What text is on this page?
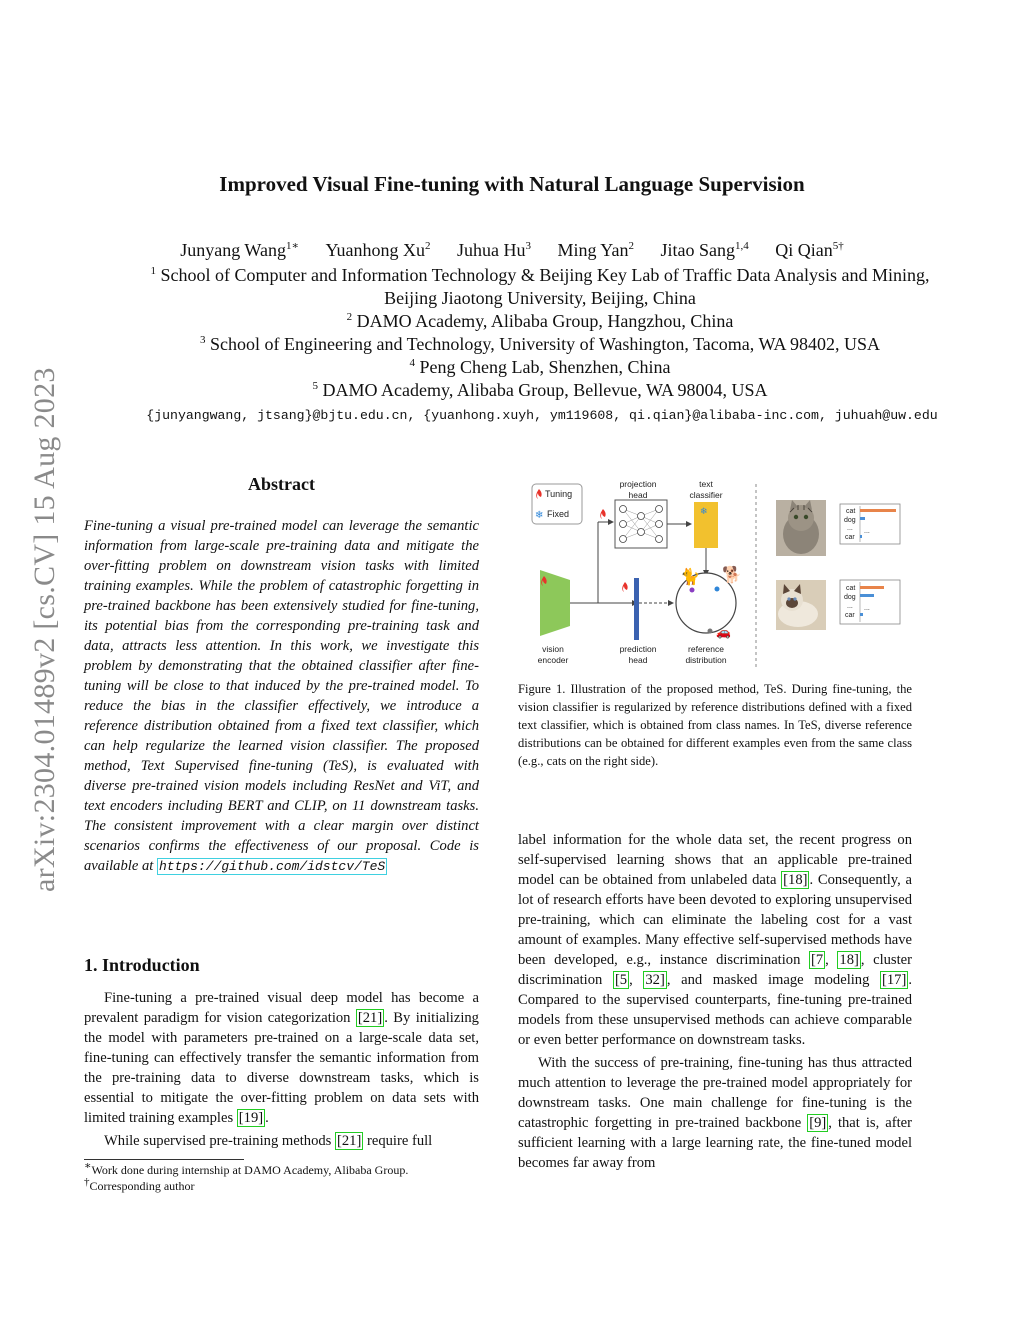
arXiv:2304.01489v2 [cs.CV] 15 Aug 2023
Improved Visual Fine-tuning with Natural Language Supervision
Junyang Wang$^{1∗}$ Yuanhong Xu$^2$ Juhua Hu$^3$ Ming Yan$^2$ Jitao Sang$^{1,4}$ Qi Qian$^{5\dagger}$
$^1$ School of Computer and Information Technology & Beijing Key Lab of Traffic Data Analysis and Mining,
Beijing Jiaotong University, Beijing, China
$^2$ DAMO Academy, Alibaba Group, Hangzhou, China
$^3$ School of Engineering and Technology, University of Washington, Tacoma, WA 98402, USA
$^4$ Peng Cheng Lab, Shenzhen, China
$^5$ DAMO Academy, Alibaba Group, Bellevue, WA 98004, USA
{junyangwang, jtsang}@bjtu.edu.cn, {yuanhong.xuyh, ym119608, qi.qian}@alibaba-inc.com, juhuah@uw.edu
Abstract
Fine-tuning a visual pre-trained model can leverage the semantic information from large-scale pre-training data and mitigate the over-fitting problem on downstream vision tasks with limited training examples. While the problem of catastrophic forgetting in pre-trained backbone has been extensively studied for fine-tuning, its potential bias from the corresponding pre-training task and data, attracts less attention. In this work, we investigate this problem by demonstrating that the obtained classifier after fine-tuning will be close to that induced by the pre-trained model. To reduce the bias in the classifier effectively, we introduce a reference distribution obtained from a fixed text classifier, which can help regularize the learned vision classifier. The proposed method, Text Supervised fine-tuning (TeS), is evaluated with diverse pre-trained vision models including ResNet and ViT, and text encoders including BERT and CLIP, on 11 downstream tasks. The consistent improvement with a clear margin over distinct scenarios confirms the effectiveness of our proposal. Code is available at https://github.com/idstcv/TeS
1. Introduction

Fine-tuning a pre-trained visual deep model has become a prevalent paradigm for vision categorization [21] . By initializing the model with parameters pre-trained on a large-scale data set, fine-tuning can effectively transfer the semantic information from the pre-training data to diverse downstream tasks, which is essential to mitigate the over-fitting problem on data sets with limited training examples [19] .

While supervised pre-training methods [21] require full

∗Work done during internship at DAMO Academy, Alibaba Group.
†Corresponding author

label information for the whole data set, the recent progress on self-supervised learning shows that an applicable pre-trained model can be obtained from unlabeled data [18] . Consequently, a lot of research efforts have been devoted to exploring unsupervised pre-training, which can eliminate the labeling cost for a vast amount of examples. Many effective self-supervised methods have been developed, e.g., instance discrimination [7 , 18] , cluster discrimination [5 , 32] , and masked image modeling [17] . Compared to the supervised counterparts, fine-tuning pre-trained models from these unsupervised methods can achieve comparable or even better performance on downstream tasks.

With the success of pre-training, fine-tuning has thus attracted much attention to leverage the pre-trained model appropriately for downstream tasks. One main challenge for fine-tuning is the catastrophic forgetting in pre-trained backbone [9] , that is, after sufficient learning with a large learning rate, the fine-tuned model becomes far away from

Tuning
❄ Fixed
vision
encoder
projection
head
❄
text
classifier
prediction
head
🐈 🐕
🚗
reference
distribution
cat
dog
...
car
...
cat
dog
...
car
...
Figure 1. Illustration of the proposed method, TeS. During fine-tuning, the vision classifier is regularized by reference distributions defined with a fixed text classifier, which is obtained from class names. In TeS, diverse reference distributions can be obtained for different examples even from the same class (e.g., cats on the right side).
